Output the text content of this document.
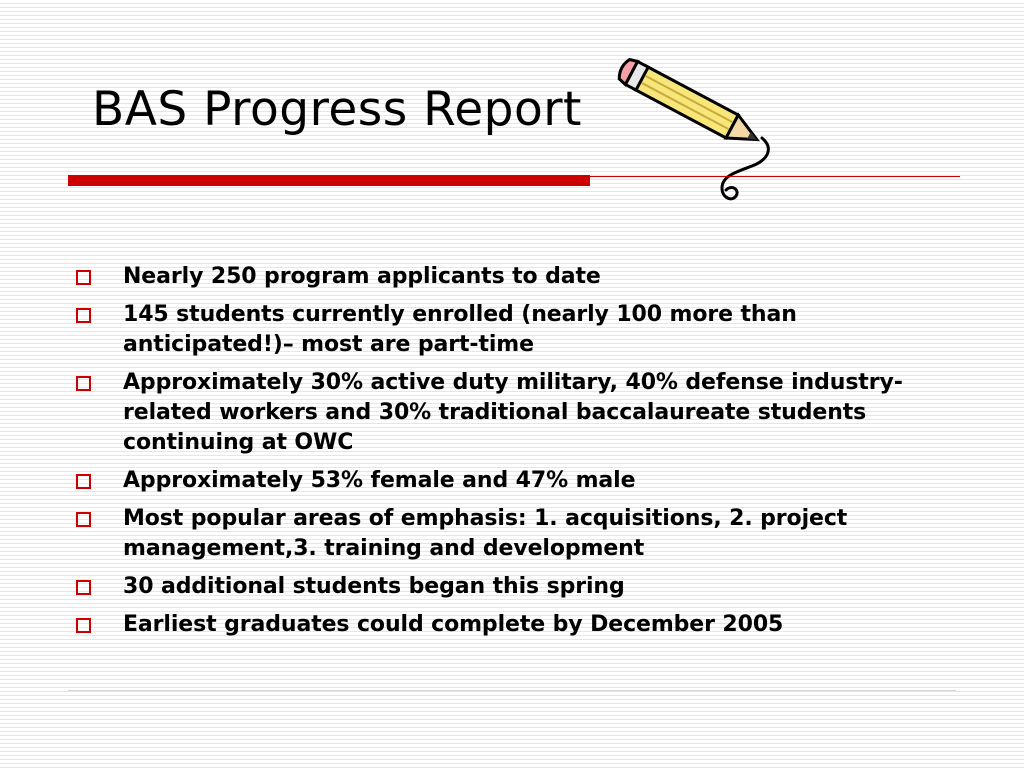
BAS Progress Report
Nearly 250 program applicants to date
145 students currently enrolled (nearly 100 more than anticipated!)– most are part-time
Approximately 30% active duty military, 40% defense industry-related workers and 30% traditional baccalaureate students continuing at OWC
Approximately 53% female and 47% male
Most popular areas of emphasis: 1. acquisitions, 2. project management,3. training and development
30 additional students began this spring
Earliest graduates could complete by December 2005
